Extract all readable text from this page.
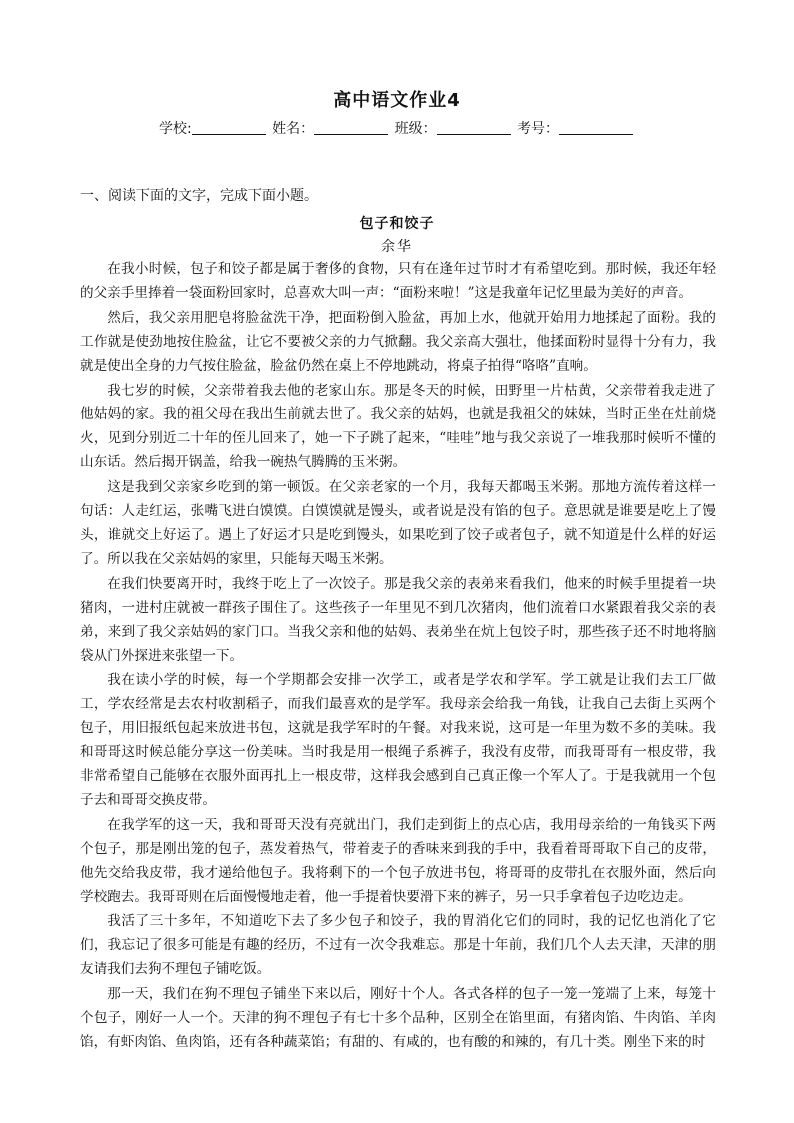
高中语文作业4
学校:	姓名：	班级：	考号：
一、阅读下面的文字，完成下面小题。
包子和饺子
余华

在我小时候，包子和饺子都是属于奢侈的食物，只有在逢年过节时才有希望吃到。那时候，我还年轻的父亲手里捧着一袋面粉回家时，总喜欢大叫一声：“面粉来啦！”这是我童年记忆里最为美好的声音。

然后，我父亲用肥皂将脸盆洗干净，把面粉倒入脸盆，再加上水，他就开始用力地揉起了面粉。我的工作就是使劲地按住脸盆，让它不要被父亲的力气掀翻。我父亲高大强壮，他揉面粉时显得十分有力，我就是使出全身的力气按住脸盆，脸盆仍然在桌上不停地跳动，将桌子拍得“咯咯”直响。

我七岁的时候，父亲带着我去他的老家山东。那是冬天的时候，田野里一片枯黄，父亲带着我走进了他姑妈的家。我的祖父母在我出生前就去世了。我父亲的姑妈，也就是我祖父的妹妹，当时正坐在灶前烧火，见到分别近二十年的侄儿回来了，她一下子跳了起来，“哇哇”地与我父亲说了一堆我那时候听不懂的山东话。然后揭开锅盖，给我一碗热气腾腾的玉米粥。

这是我到父亲家乡吃到的第一顿饭。在父亲老家的一个月，我每天都喝玉米粥。那地方流传着这样一句话：人走红运，张嘴飞进白馍馍。白馍馍就是馒头，或者说是没有馅的包子。意思就是谁要是吃上了馒头，谁就交上好运了。遇上了好运才只是吃到馒头，如果吃到了饺子或者包子，就不知道是什么样的好运了。所以我在父亲姑妈的家里，只能每天喝玉米粥。

在我们快要离开时，我终于吃上了一次饺子。那是我父亲的表弟来看我们，他来的时候手里提着一块猪肉，一进村庄就被一群孩子围住了。这些孩子一年里见不到几次猪肉，他们流着口水紧跟着我父亲的表弟，来到了我父亲姑妈的家门口。当我父亲和他的姑妈、表弟坐在炕上包饺子时，那些孩子还不时地将脑袋从门外探进来张望一下。

我在读小学的时候，每一个学期都会安排一次学工，或者是学农和学军。学工就是让我们去工厂做工，学农经常是去农村收割稻子，而我们最喜欢的是学军。我母亲会给我一角钱，让我自己去街上买两个包子，用旧报纸包起来放进书包，这就是我学军时的午餐。对我来说，这可是一年里为数不多的美味。我和哥哥这时候总能分享这一份美味。当时我是用一根绳子系裤子，我没有皮带，而我哥哥有一根皮带，我非常希望自己能够在衣服外面再扎上一根皮带，这样我会感到自己真正像一个军人了。于是我就用一个包子去和哥哥交换皮带。

在我学军的这一天，我和哥哥天没有亮就出门，我们走到街上的点心店，我用母亲给的一角钱买下两个包子，那是刚出笼的包子，蒸发着热气，带着麦子的香味来到我的手中，我看着哥哥取下自己的皮带，他先交给我皮带，我才递给他包子。我将剩下的一个包子放进书包，将哥哥的皮带扎在衣服外面，然后向学校跑去。我哥哥则在后面慢慢地走着，他一手提着快要滑下来的裤子，另一只手拿着包子边吃边走。

我活了三十多年，不知道吃下去了多少包子和饺子，我的胃消化它们的同时，我的记忆也消化了它们，我忘记了很多可能是有趣的经历，不过有一次令我难忘。那是十年前，我们几个人去天津，天津的朋友请我们去狗不理包子铺吃饭。

那一天，我们在狗不理包子铺坐下来以后，刚好十个人。各式各样的包子一笼一笼端了上来，每笼十个包子，刚好一人一个。天津的狗不理包子有七十多个品种，区别全在馅里面，有猪肉馅、牛肉馅、羊肉馅，有虾肉馅、鱼肉馅，还有各种蔬菜馅；有甜的、有咸的，也有酸的和辣的，有几十类。刚坐下来的时
